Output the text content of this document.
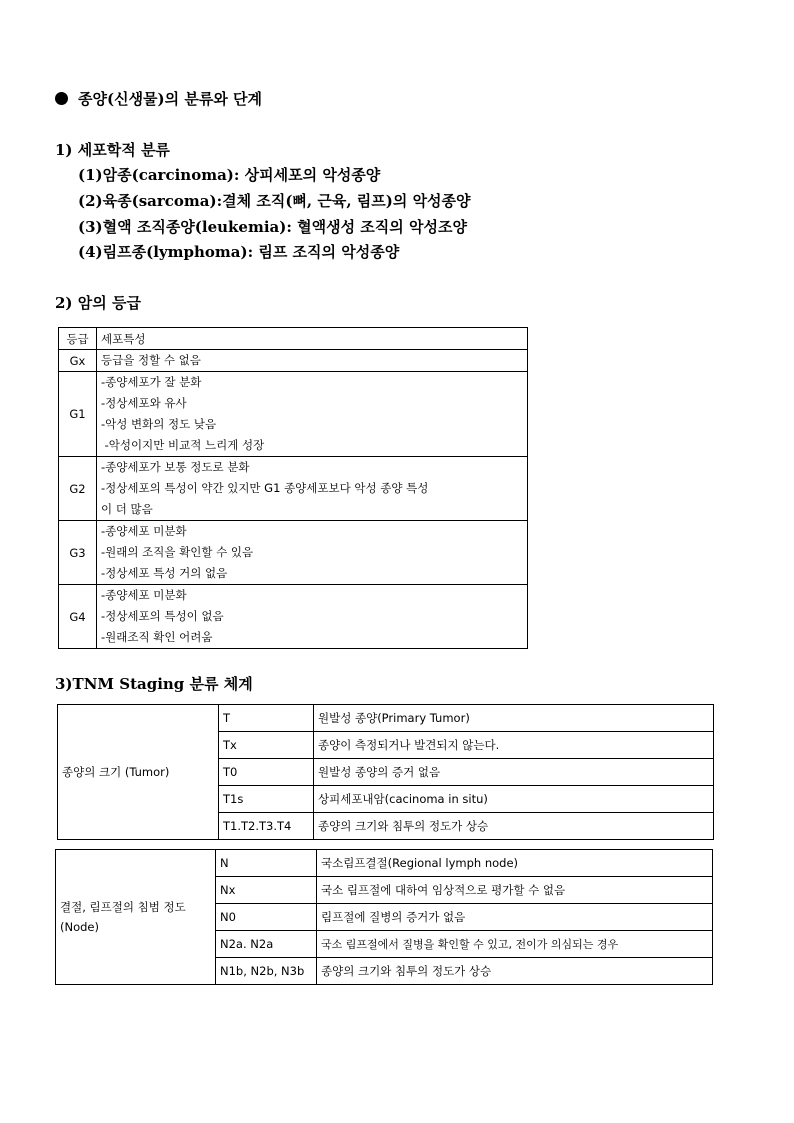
종양(신생물)의 분류와 단계
1) 세포학적 분류
(1)암종(carcinoma): 상피세포의 악성종양
(2)육종(sarcoma):결체 조직(뼈, 근육, 림프)의 악성종양
(3)혈액 조직종양(leukemia): 혈액생성 조직의 악성조양
(4)림프종(lymphoma): 림프 조직의 악성종양
2) 암의 등급
등급	세포특성
Gx	등급을 정할 수 없음

G1	-종양세포가 잘 분화
-정상세포와 유사
-악성 변화의 정도 낮음
-악성이지만 비교적 느리게 성장

G2	-종양세포가 보통 정도로 분화
-정상세포의 특성이 약간 있지만 G1 종양세포보다 악성 종양 특성
이 더 많음

G3	-종양세포 미분화
-원래의 조직을 확인할 수 있음
-정상세포 특성 거의 없음

G4	-종양세포 미분화
-정상세포의 특성이 없음
-원래조직 확인 어려움
3)TNM Staging 분류 체계
종양의 크기 (Tumor)	T	원발성 종양(Primary Tumor)
	Tx	종양이 측정되거나 발견되지 않는다.
	T0	원발성 종양의 증거 없음
	T1s	상피세포내암(cacinoma in situ)
	T1.T2.T3.T4	종양의 크기와 침투의 정도가 상승
결절, 림프절의 침범 정도(Node)	N	국소림프결절(Regional lymph node)
	Nx	국소 림프절에 대하여 임상적으로 평가할 수 없음
	N0	림프절에 질병의 증거가 없음
	N2a. N2a	국소 림프절에서 질병을 확인할 수 있고, 전이가 의심되는 경우
	N1b, N2b, N3b	종양의 크기와 침투의 정도가 상승
